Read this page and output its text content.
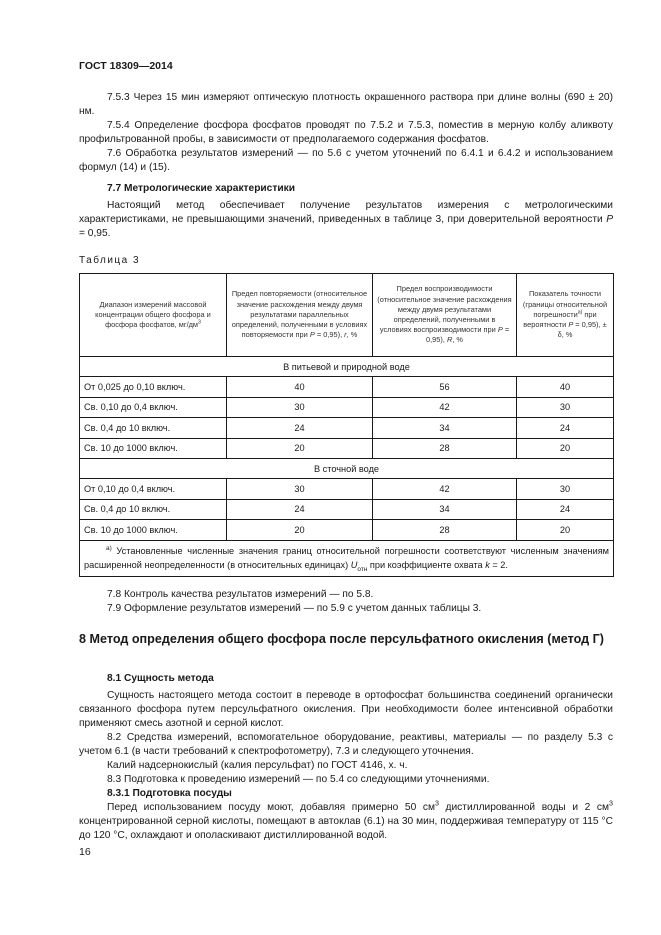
ГОСТ 18309—2014
7.5.3 Через 15 мин измеряют оптическую плотность окрашенного раствора при длине волны (690 ± 20) нм.
7.5.4 Определение фосфора фосфатов проводят по 7.5.2 и 7.5.3, поместив в мерную колбу аликвоту профильтрованной пробы, в зависимости от предполагаемого содержания фосфатов.
7.6 Обработка результатов измерений — по 5.6 с учетом уточнений по 6.4.1 и 6.4.2 и использованием формул (14) и (15).
7.7 Метрологические характеристики
Настоящий метод обеспечивает получение результатов измерения с метрологическими характеристиками, не превышающими значений, приведенных в таблице 3, при доверительной вероятности P = 0,95.
Таблица 3
Диапазон измерений массовой концентрации общего фосфора и фосфора фосфатов, $мг/дм^3$	Предел повторяемости (относительное значение расхождения между двумя результатами параллельных определений, полученными в условиях повторяемости при P = 0,95), r, %	Предел воспроизводимости (относительное значение расхождения между двумя результатами определений, полученными в условиях воспроизводимости при P = 0,95), R, %	Показатель точности (границы относительной погрешности$^{а)}$ при вероятности P = 0,95), ± δ, %
В питьевой и природной воде			
От 0,025 до 0,10 включ.	40	56	40
Св. 0,10 до 0,4 включ.	30	42	30
Св. 0,4 до 10 включ.	24	34	24
Св. 10 до 1000 включ.	20	28	20
В сточной воде			
От 0,10 до 0,4 включ.	30	42	30
Св. 0,4 до 10 включ.	24	34	24
Св. 10 до 1000 включ.	20	28	20
$^{а)}$ Установленные численные значения границ относительной погрешности соответствуют численным значениям расширенной неопределенности (в относительных единицах) $U_{отн}$ при коэффициенте охвата k = 2.			
7.8 Контроль качества результатов измерений — по 5.8.
7.9 Оформление результатов измерений — по 5.9 с учетом данных таблицы 3.
8 Метод определения общего фосфора после персульфатного окисления (метод Г)
8.1 Сущность метода
Сущность настоящего метода состоит в переводе в ортофосфат большинства соединений органически связанного фосфора путем персульфатного окисления. При необходимости более интенсивной обработки применяют смесь азотной и серной кислот.
8.2 Средства измерений, вспомогательное оборудование, реактивы, материалы — по разделу 5.3 с учетом 6.1 (в части требований к спектрофотометру), 7.3 и следующего уточнения.
Калий надсернокислый (калия персульфат) по ГОСТ 4146, х. ч.
8.3 Подготовка к проведению измерений — по 5.4 со следующими уточнениями.
8.3.1 Подготовка посуды
Перед использованием посуду моют, добавляя примерно 50 $см^3$ дистиллированной воды и 2 $см^3$ концентрированной серной кислоты, помещают в автоклав (6.1) на 30 мин, поддерживая температуру от 115 °С до 120 °С, охлаждают и ополаскивают дистиллированной водой.
16
